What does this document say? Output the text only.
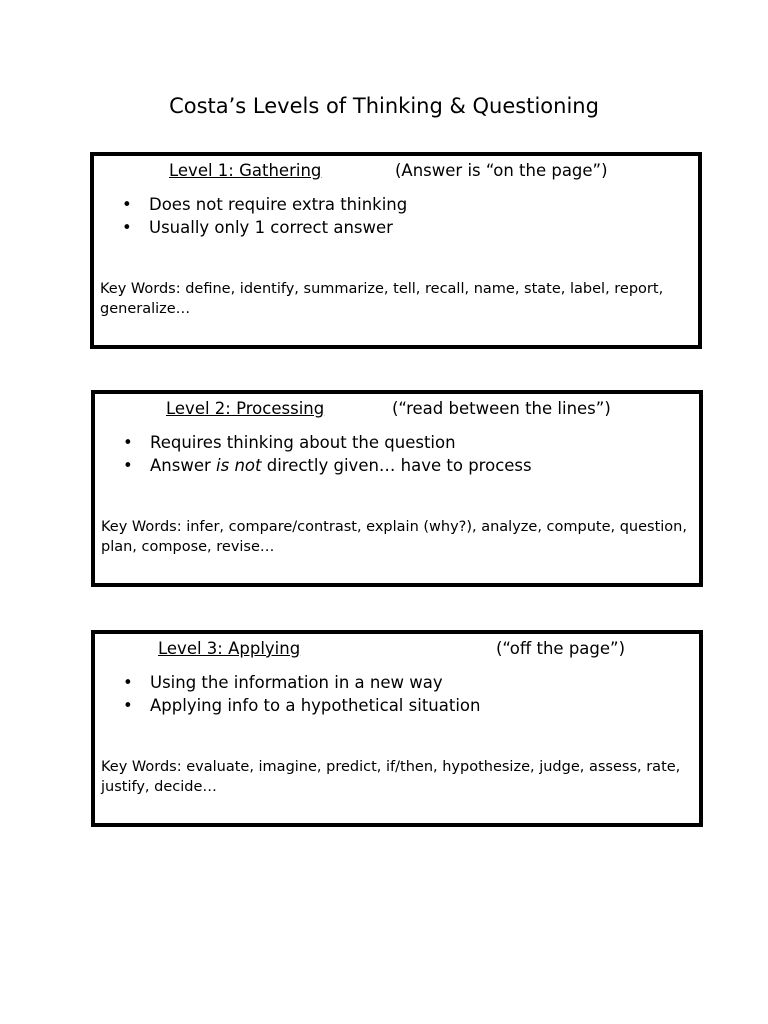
Costa’s Levels of Thinking & Questioning
Level 1: Gathering	(Answer is “on the page”)
• Does not require extra thinking
• Usually only 1 correct answer

Key Words: define, identify, summarize, tell, recall, name, state, label, report, generalize…

Level 2: Processing	(“read between the lines”)
• Requires thinking about the question
• Answer is not directly given… have to process

Key Words: infer, compare/contrast, explain (why?), analyze, compute, question, plan, compose, revise…

Level 3: Applying	(“off the page”)
• Using the information in a new way
• Applying info to a hypothetical situation

Key Words: evaluate, imagine, predict, if/then, hypothesize, judge, assess, rate, justify, decide…
